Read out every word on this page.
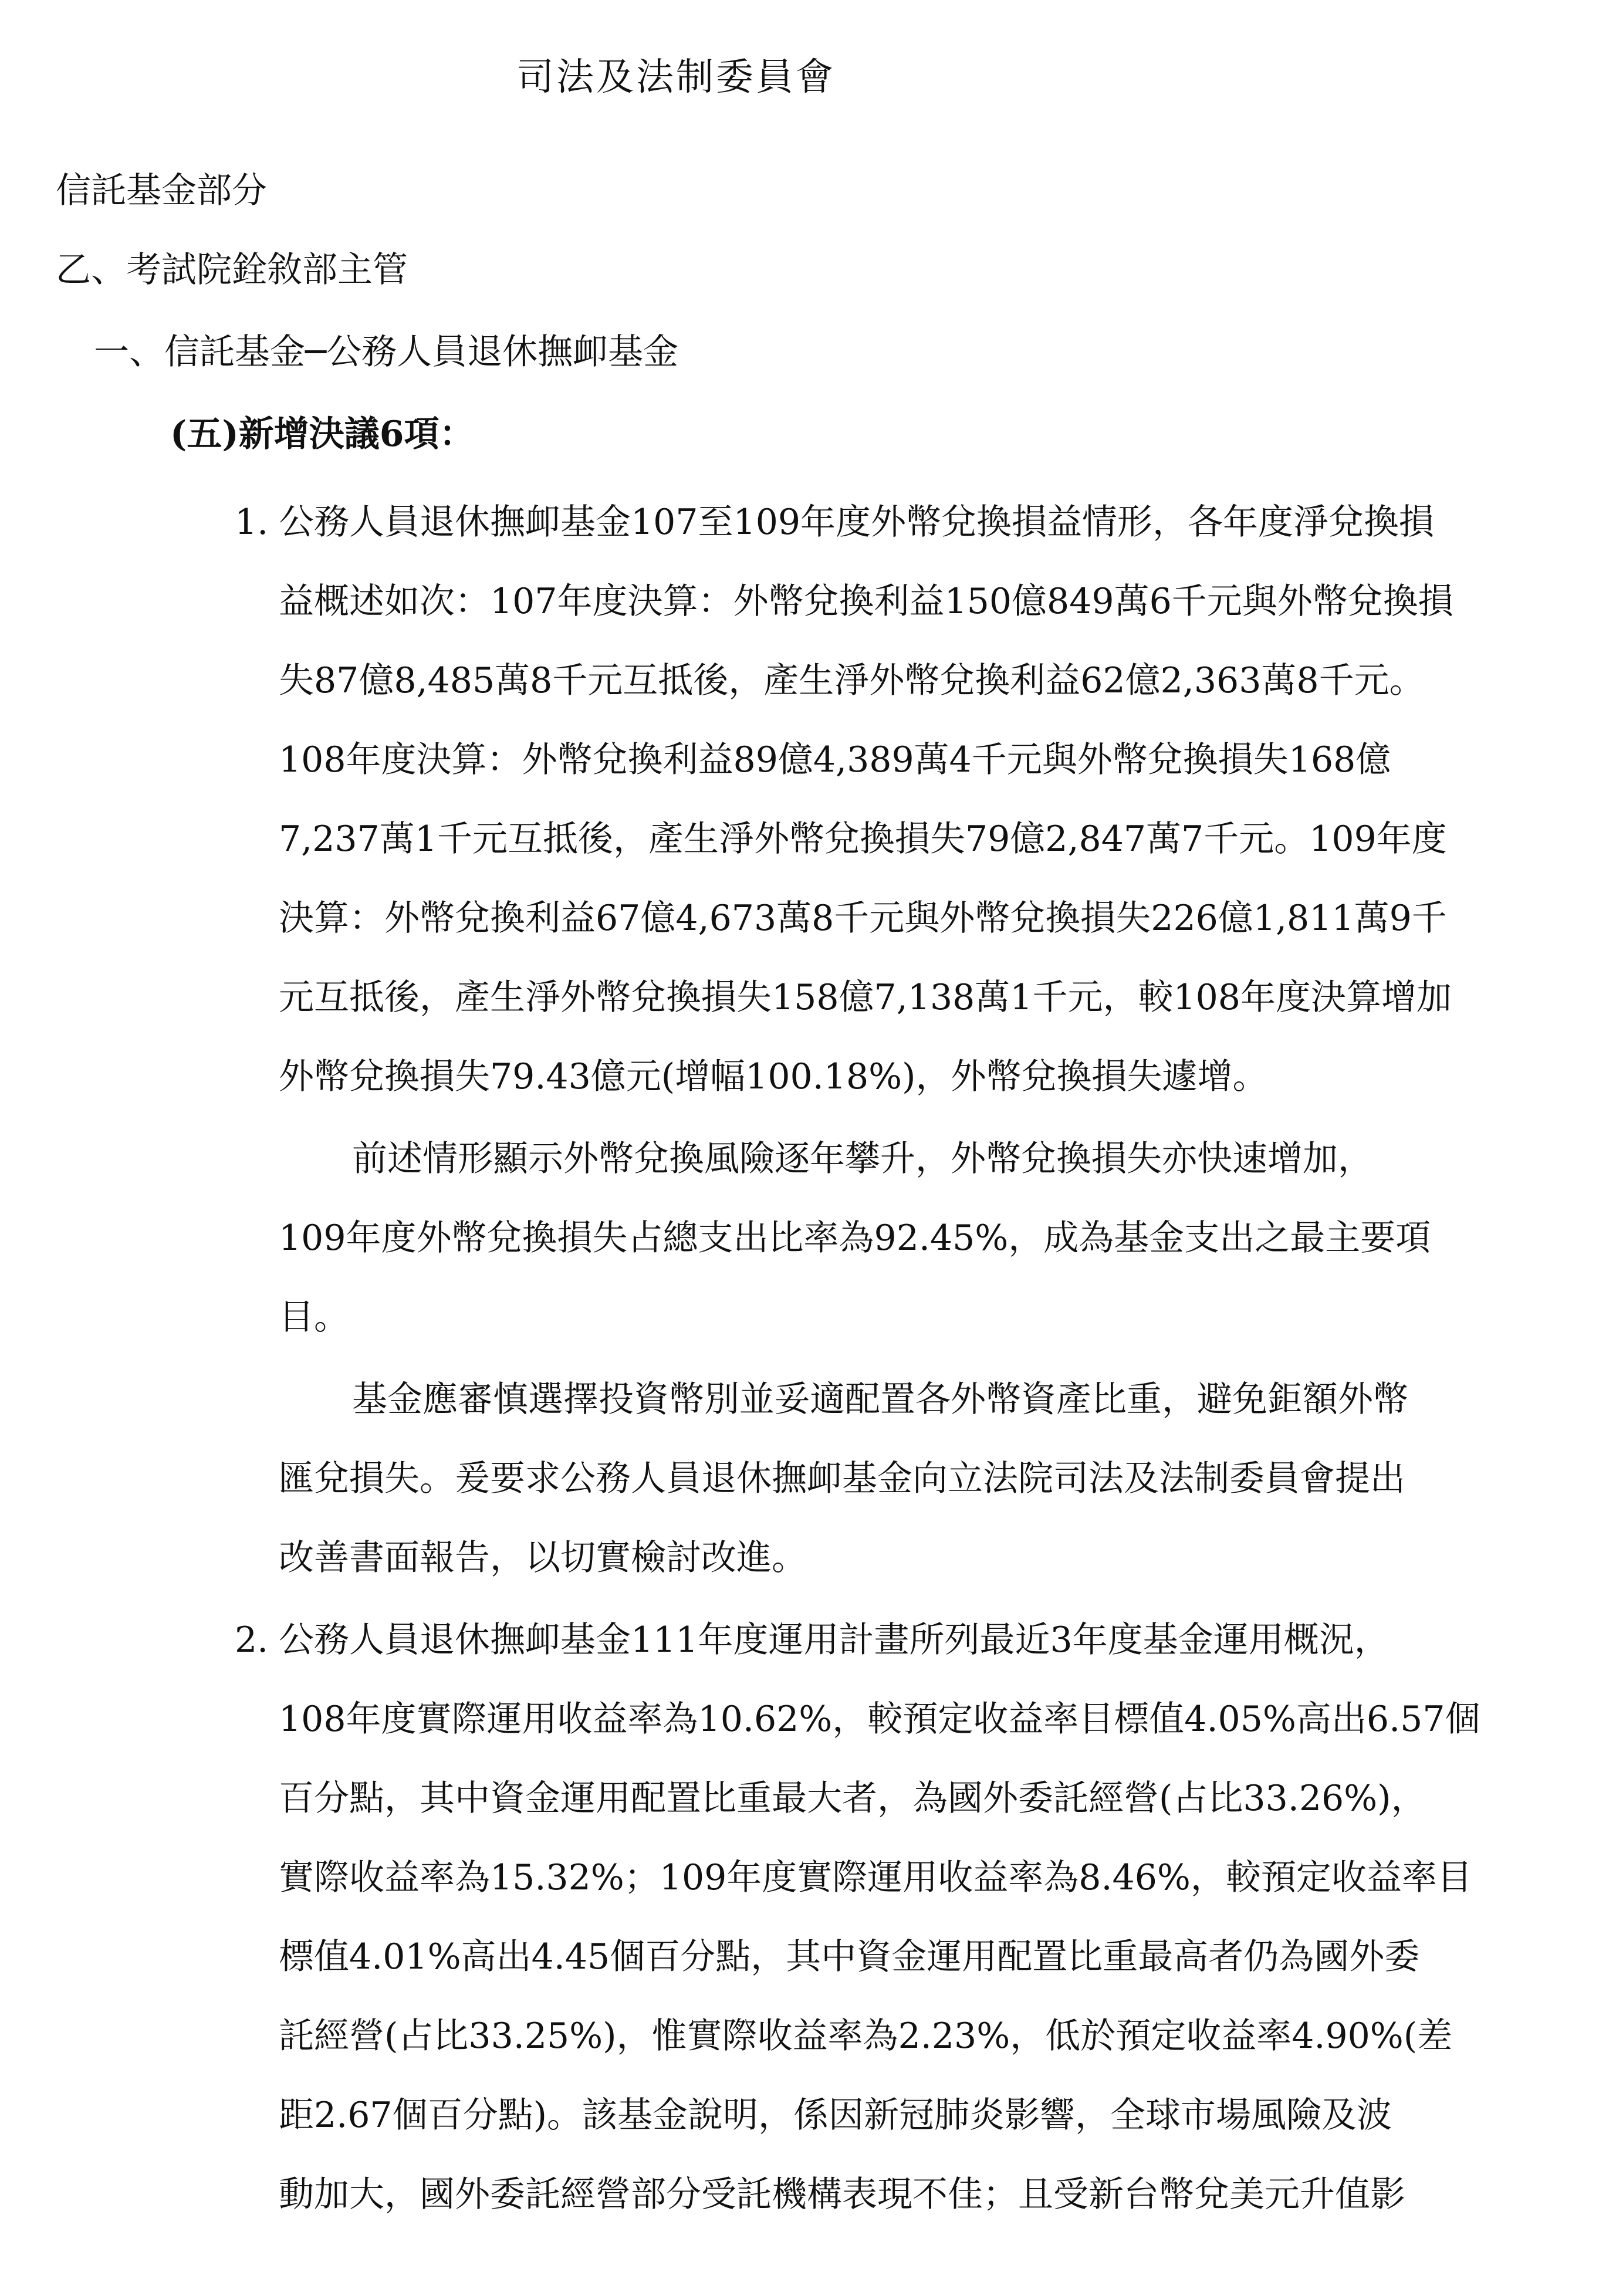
司法及法制委員會
信託基金部分
乙、考試院銓敘部主管
一、信託基金─公務人員退休撫卹基金
(五)新增決議6項：
1. 公務人員退休撫卹基金107至109年度外幣兌換損益情形，各年度淨兌換損
益概述如次：107年度決算：外幣兌換利益150億849萬6千元與外幣兌換損
失87億8,485萬8千元互抵後，產生淨外幣兌換利益62億2,363萬8千元。
108年度決算：外幣兌換利益89億4,389萬4千元與外幣兌換損失168億
7,237萬1千元互抵後，產生淨外幣兌換損失79億2,847萬7千元。109年度
決算：外幣兌換利益67億4,673萬8千元與外幣兌換損失226億1,811萬9千
元互抵後，產生淨外幣兌換損失158億7,138萬1千元，較108年度決算增加
外幣兌換損失79.43億元(增幅100.18%)，外幣兌換損失遽增。
前述情形顯示外幣兌換風險逐年攀升，外幣兌換損失亦快速增加，
109年度外幣兌換損失占總支出比率為92.45%，成為基金支出之最主要項
目。
基金應審慎選擇投資幣別並妥適配置各外幣資產比重，避免鉅額外幣
匯兌損失。爰要求公務人員退休撫卹基金向立法院司法及法制委員會提出
改善書面報告，以切實檢討改進。
2. 公務人員退休撫卹基金111年度運用計畫所列最近3年度基金運用概況，
108年度實際運用收益率為10.62%，較預定收益率目標值4.05%高出6.57個
百分點，其中資金運用配置比重最大者，為國外委託經營(占比33.26%)，
實際收益率為15.32%；109年度實際運用收益率為8.46%，較預定收益率目
標值4.01%高出4.45個百分點，其中資金運用配置比重最高者仍為國外委
託經營(占比33.25%)，惟實際收益率為2.23%，低於預定收益率4.90%(差
距2.67個百分點)。該基金說明，係因新冠肺炎影響，全球市場風險及波
動加大，國外委託經營部分受託機構表現不佳；且受新台幣兌美元升值影
